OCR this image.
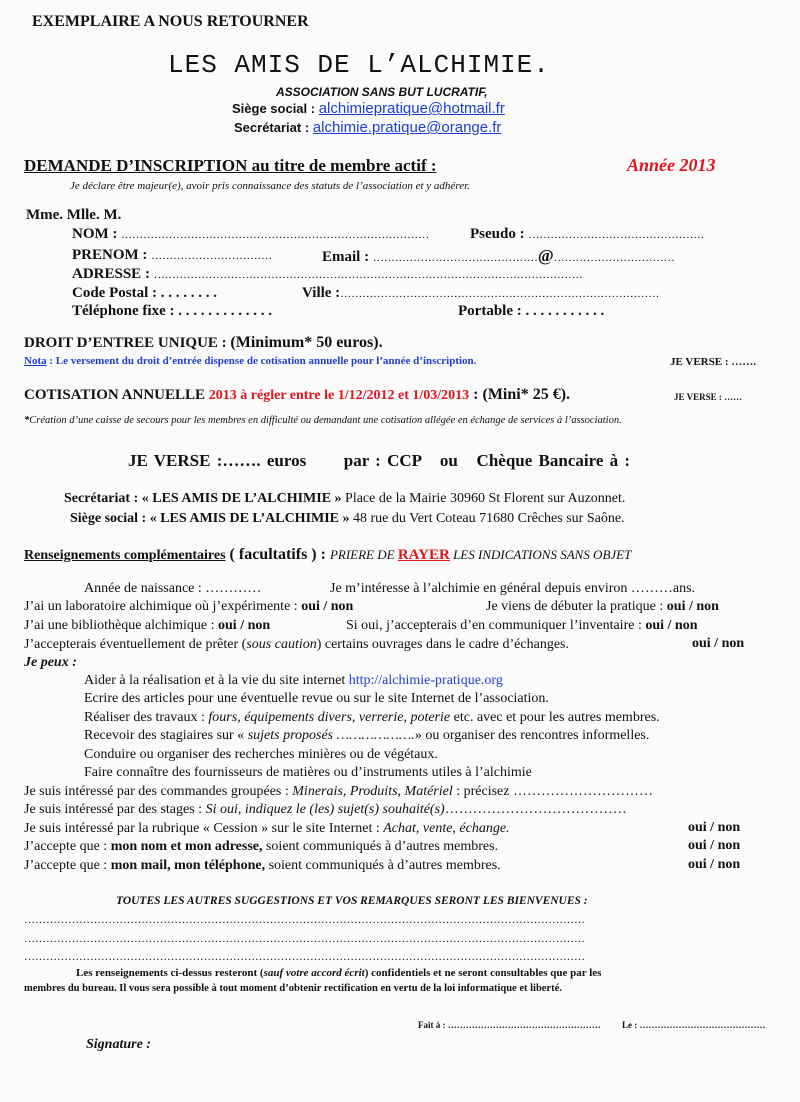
EXEMPLAIRE A NOUS RETOURNER
LES AMIS DE L’ALCHIMIE.
ASSOCIATION SANS BUT LUCRATIF,
Siège social : alchimiepratique@hotmail.fr
Secrétariat : alchimie.pratique@orange.fr
DEMANDE D’INSCRIPTION au titre de membre actif :	Année 2013
Je déclare être majeur(e), avoir pris connaissance des statuts de l’association et y adhérer.
Mme. Mlle. M.
NOM : …………………………………………………………………………	Pseudo : …………………………………………
PRENOM : ……………………………	Email : ………………………………………@……………………………
ADRESSE : ………………………………………………………………………………………………………
Code Postal : . . . . . . . .	Ville :……………………………………………………………………………
Téléphone fixe : . . . . . . . . . . . . .	Portable : . . . . . . . . . . .
DROIT D’ENTREE UNIQUE : (Minimum* 50 euros).
Nota : Le versement du droit d’entrée dispense de cotisation annuelle pour l’année d’inscription.	JE VERSE : …….
COTISATION ANNUELLE 2013 à régler entre le 1/12/2012 et 1/03/2013 : (Mini* 25 €).	JE VERSE : ……
*Création d’une caisse de secours pour les membres en difficulté ou demandant une cotisation allégée en échange de services à l’association.
JE VERSE :……. euros      par : CCP   ou   Chèque Bancaire à :
Secrétariat : « LES AMIS DE L’ALCHIMIE » Place de la Mairie 30960 St Florent sur Auzonnet.
Siège social : « LES AMIS DE L’ALCHIMIE » 48 rue du Vert Coteau 71680 Crêches sur Saône.
Renseignements complémentaires ( facultatifs ) : PRIERE DE RAYER LES INDICATIONS SANS OBJET
Année de naissance : …………	Je m’intéresse à l’alchimie en général depuis environ ………ans.
J’ai un laboratoire alchimique où j’expérimente : oui / non	Je viens de débuter la pratique : oui / non
J’ai une bibliothèque alchimique : oui / non	Si oui, j’accepterais d’en communiquer l’inventaire : oui / non
J’accepterais éventuellement de prêter (sous caution) certains ouvrages dans le cadre d’échanges.	oui / non
Je peux :
Aider à la réalisation et à la vie du site internet http://alchimie-pratique.org
Ecrire des articles pour une éventuelle revue ou sur le site Internet de l’association.
Réaliser des travaux : fours, équipements divers, verrerie, poterie etc. avec et pour les autres membres.
Recevoir des stagiaires sur « sujets proposés ……………….» ou organiser des rencontres informelles.
Conduire ou organiser des recherches minières ou de végétaux.
Faire connaître des fournisseurs de matières ou d’instruments utiles à l’alchimie
Je suis intéressé par des commandes groupées : Minerais, Produits, Matériel : précisez …………………………
Je suis intéressé par des stages : Si oui, indiquez le (les) sujet(s) souhaité(s)…………………………………
Je suis intéressé par la rubrique « Cession » sur le site Internet : Achat, vente, échange.	oui / non
J’accepte que : mon nom et mon adresse, soient communiqués à d’autres membres.	oui / non
J’accepte que : mon mail, mon téléphone, soient communiqués à d’autres membres.	oui / non
TOUTES LES AUTRES SUGGESTIONS ET VOS REMARQUES SERONT LES BIENVENUES :
………………………………………………………………………………………………………………………………………
………………………………………………………………………………………………………………………………………
………………………………………………………………………………………………………………………………………
Les renseignements ci-dessus resteront (sauf votre accord écrit) confidentiels et ne seront consultables que par les
membres du bureau. Il vous sera possible à tout moment d’obtenir rectification en vertu de la loi informatique et liberté.
Fait à : …………………………………………… Le : ……………………………………
Signature :
